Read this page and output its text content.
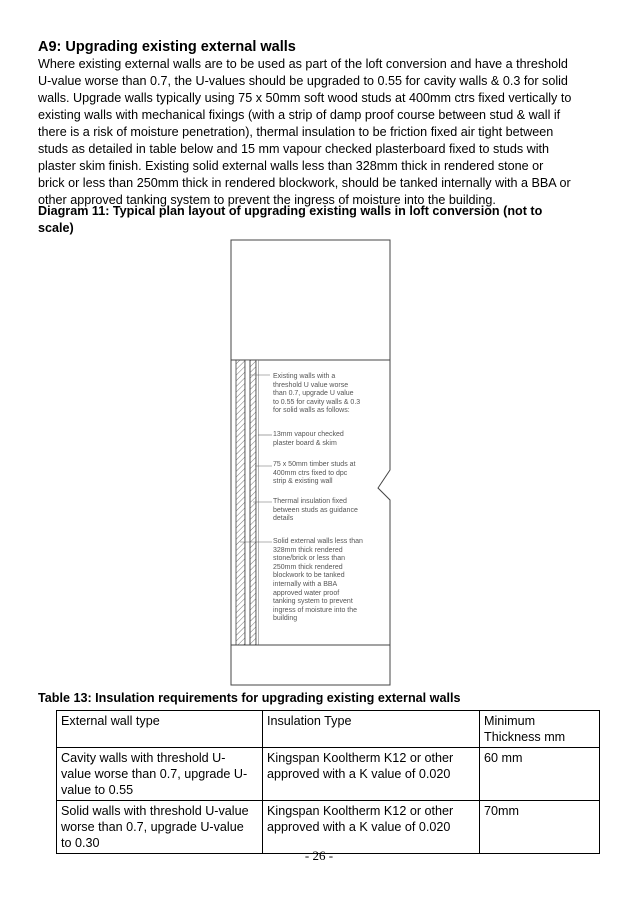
A9: Upgrading existing external walls
Where existing external walls are to be used as part of the loft conversion and have a threshold
U-value worse than 0.7, the U-values should be upgraded to 0.55 for cavity walls & 0.3 for solid
walls. Upgrade walls typically using 75 x 50mm soft wood studs at 400mm ctrs fixed vertically to
existing walls with mechanical fixings (with a strip of damp proof course between stud & wall if
there is a risk of moisture penetration), thermal insulation to be friction fixed air tight between
studs as detailed in table below and 15 mm vapour checked plasterboard fixed to studs with
plaster skim finish. Existing solid external walls less than 328mm thick in rendered stone or
brick or less than 250mm thick in rendered blockwork, should be tanked internally with a BBA or
other approved tanking system to prevent the ingress of moisture into the building.
Diagram 11: Typical plan layout of upgrading existing walls in loft conversion (not to
scale)
Existing walls with a
threshold U value worse
than 0.7, upgrade U value
to 0.55 for cavity walls & 0.3
for solid walls as follows:
13mm vapour checked
plaster board & skim
75 x 50mm timber studs at
400mm ctrs fixed to dpc
strip & existing wall
Thermal insulation fixed
between studs as guidance
details
Solid external walls less than
328mm thick rendered
stone/brick or less than
250mm thick rendered
blockwork to be tanked
internally with a BBA
approved water proof
tanking system to prevent
ingress of moisture into the
building
Table 13: Insulation requirements for upgrading existing external walls
External wall type	Insulation Type	Minimum
Thickness mm

Cavity walls with threshold U-
value worse than 0.7, upgrade U-
value to 0.55	Kingspan Kooltherm K12 or other
approved with a K value of 0.020	60 mm

Solid walls with threshold U-value
worse than 0.7, upgrade U-value
to 0.30	Kingspan Kooltherm K12 or other
approved with a K value of 0.020	70mm
- 26 -
